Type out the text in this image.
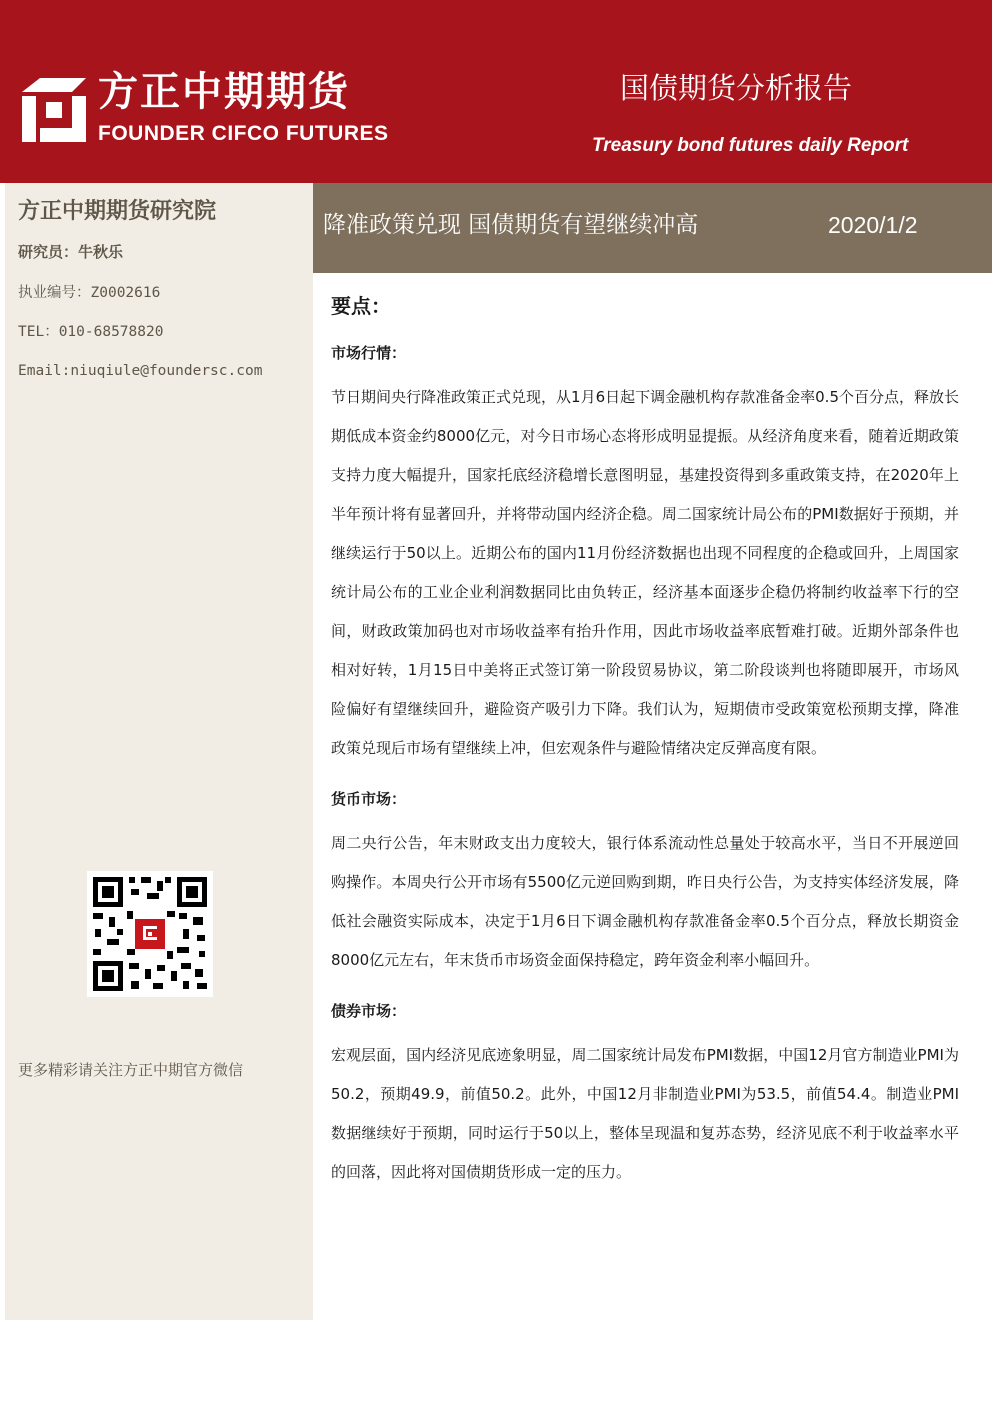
方正中期期货
FOUNDER CIFCO FUTURES
国债期货分析报告
Treasury bond futures daily Report
方正中期期货研究院
研究员：牛秋乐
执业编号：Z0002616
TEL：010-68578820
Email:niuqiule@foundersc.com
更多精彩请关注方正中期官方微信
降准政策兑现 国债期货有望继续冲高	2020/1/2
要点：
市场行情：

节日期间央行降准政策正式兑现，从1月6日起下调金融机构存款准备金率0.5个百分点，释放长期低成本资金约8000亿元，对今日市场心态将形成明显提振。从经济角度来看，随着近期政策支持力度大幅提升，国家托底经济稳增长意图明显，基建投资得到多重政策支持，在2020年上半年预计将有显著回升，并将带动国内经济企稳。周二国家统计局公布的PMI数据好于预期，并继续运行于50以上。近期公布的国内11月份经济数据也出现不同程度的企稳或回升，上周国家统计局公布的工业企业利润数据同比由负转正，经济基本面逐步企稳仍将制约收益率下行的空间，财政政策加码也对市场收益率有抬升作用，因此市场收益率底暂难打破。近期外部条件也相对好转，1月15日中美将正式签订第一阶段贸易协议，第二阶段谈判也将随即展开，市场风险偏好有望继续回升，避险资产吸引力下降。我们认为，短期债市受政策宽松预期支撑，降准政策兑现后市场有望继续上冲，但宏观条件与避险情绪决定反弹高度有限。

货币市场：

周二央行公告，年末财政支出力度较大，银行体系流动性总量处于较高水平，当日不开展逆回购操作。本周央行公开市场有5500亿元逆回购到期，昨日央行公告，为支持实体经济发展，降低社会融资实际成本，决定于1月6日下调金融机构存款准备金率0.5个百分点，释放长期资金8000亿元左右，年末货币市场资金面保持稳定，跨年资金利率小幅回升。

债券市场：

宏观层面，国内经济见底迹象明显，周二国家统计局发布PMI数据，中国12月官方制造业PMI为50.2，预期49.9，前值50.2。此外，中国12月非制造业PMI为53.5，前值54.4。制造业PMI数据继续好于预期，同时运行于50以上，整体呈现温和复苏态势，经济见底不利于收益率水平的回落，因此将对国债期货形成一定的压力。
